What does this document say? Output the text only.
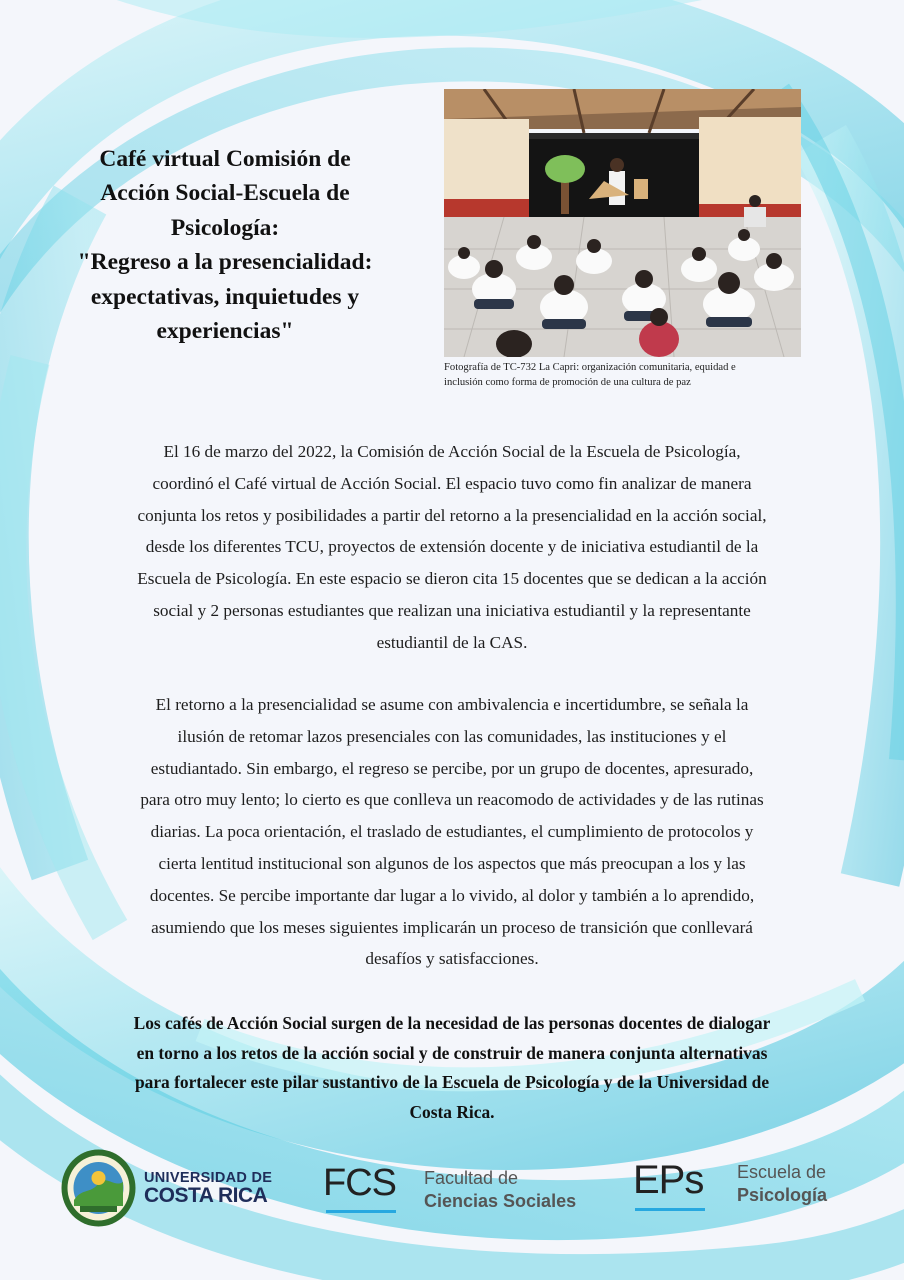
Café virtual Comisión de
Acción Social-Escuela de
Psicología:
"Regreso a la presencialidad:
expectativas, inquietudes y
experiencias"
Fotografía de TC-732 La Capri: organización comunitaria, equidad e
inclusión como forma de promoción de una cultura de paz
El 16 de marzo del 2022, la Comisión de Acción Social de la Escuela de Psicología,
coordinó el Café virtual de Acción Social. El espacio tuvo como fin analizar de manera
conjunta los retos y posibilidades a partir del retorno a la presencialidad en la acción social,
desde los diferentes TCU, proyectos de extensión docente y de iniciativa estudiantil de la
Escuela de Psicología. En este espacio se dieron cita 15 docentes que se dedican a la acción
social y 2 personas estudiantes que realizan una iniciativa estudiantil y la representante
estudiantil de la CAS.
El retorno a la presencialidad se asume con ambivalencia e incertidumbre, se señala la
ilusión de retomar lazos presenciales con las comunidades, las instituciones y el
estudiantado. Sin embargo, el regreso se percibe, por un grupo de docentes, apresurado,
para otro muy lento; lo cierto es que conlleva un reacomodo de actividades y de las rutinas
diarias. La poca orientación, el traslado de estudiantes, el cumplimiento de protocolos y
cierta lentitud institucional son algunos de los aspectos que más preocupan a los y las
docentes. Se percibe importante dar lugar a lo vivido, al dolor y también a lo aprendido,
asumiendo que los meses siguientes implicarán un proceso de transición que conllevará
desafíos y satisfacciones.
Los cafés de Acción Social surgen de la necesidad de las personas docentes de dialogar
en torno a los retos de la acción social y de construir de manera conjunta alternativas
para fortalecer este pilar sustantivo de la Escuela de Psicología y de la Universidad de
Costa Rica.
UNIVERSIDAD DE
COSTA RICA FCS Facultad de
Ciencias Sociales EPs Escuela de
Psicología
